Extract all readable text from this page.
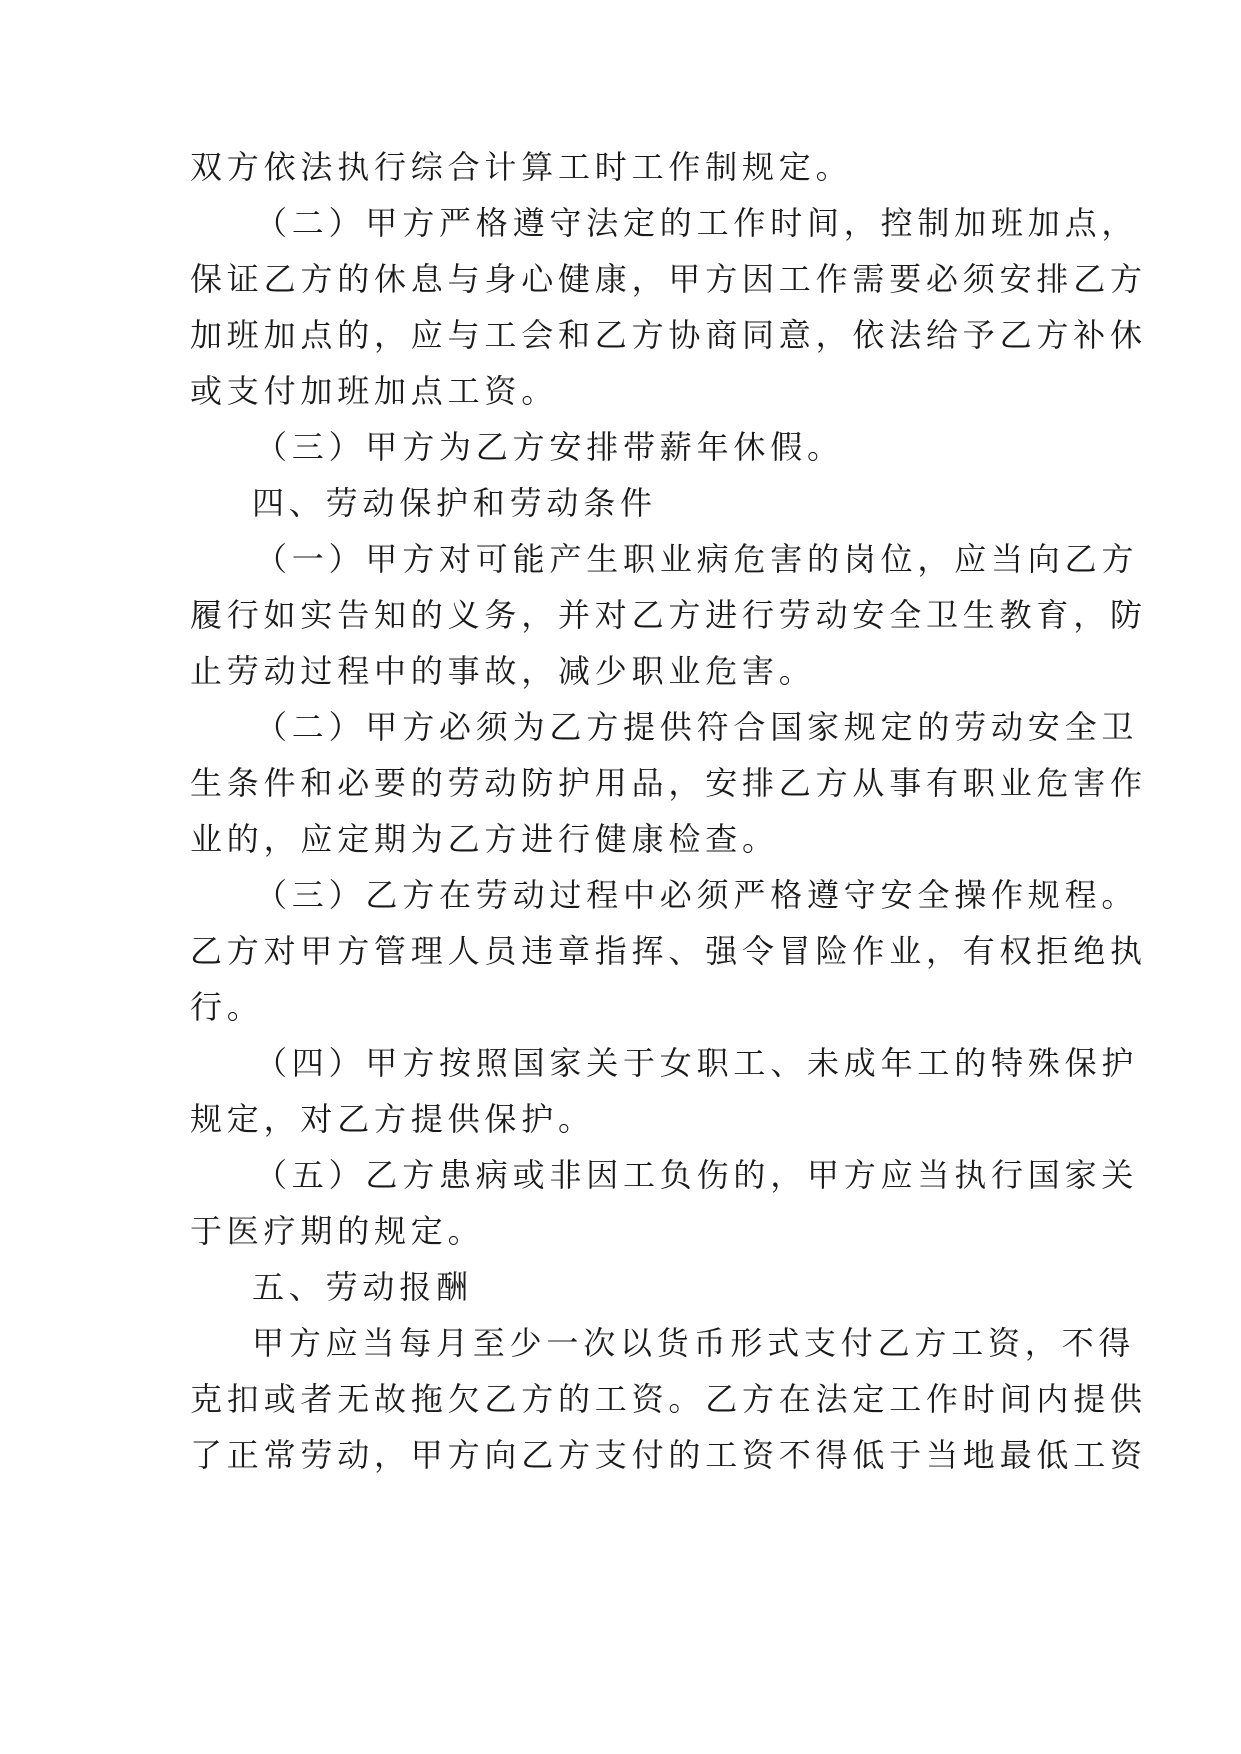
双方依法执行综合计算工时工作制规定。
（二）甲方严格遵守法定的工作时间，控制加班加点，
保证乙方的休息与身心健康，甲方因工作需要必须安排乙方
加班加点的，应与工会和乙方协商同意，依法给予乙方补休
或支付加班加点工资。
（三）甲方为乙方安排带薪年休假。
四、劳动保护和劳动条件
（一）甲方对可能产生职业病危害的岗位，应当向乙方
履行如实告知的义务，并对乙方进行劳动安全卫生教育，防
止劳动过程中的事故，减少职业危害。
（二）甲方必须为乙方提供符合国家规定的劳动安全卫
生条件和必要的劳动防护用品，安排乙方从事有职业危害作
业的，应定期为乙方进行健康检查。
（三）乙方在劳动过程中必须严格遵守安全操作规程。
乙方对甲方管理人员违章指挥、强令冒险作业，有权拒绝执
行。
（四）甲方按照国家关于女职工、未成年工的特殊保护
规定，对乙方提供保护。
（五）乙方患病或非因工负伤的，甲方应当执行国家关
于医疗期的规定。
五、劳动报酬
甲方应当每月至少一次以货币形式支付乙方工资，不得
克扣或者无故拖欠乙方的工资。乙方在法定工作时间内提供
了正常劳动，甲方向乙方支付的工资不得低于当地最低工资
